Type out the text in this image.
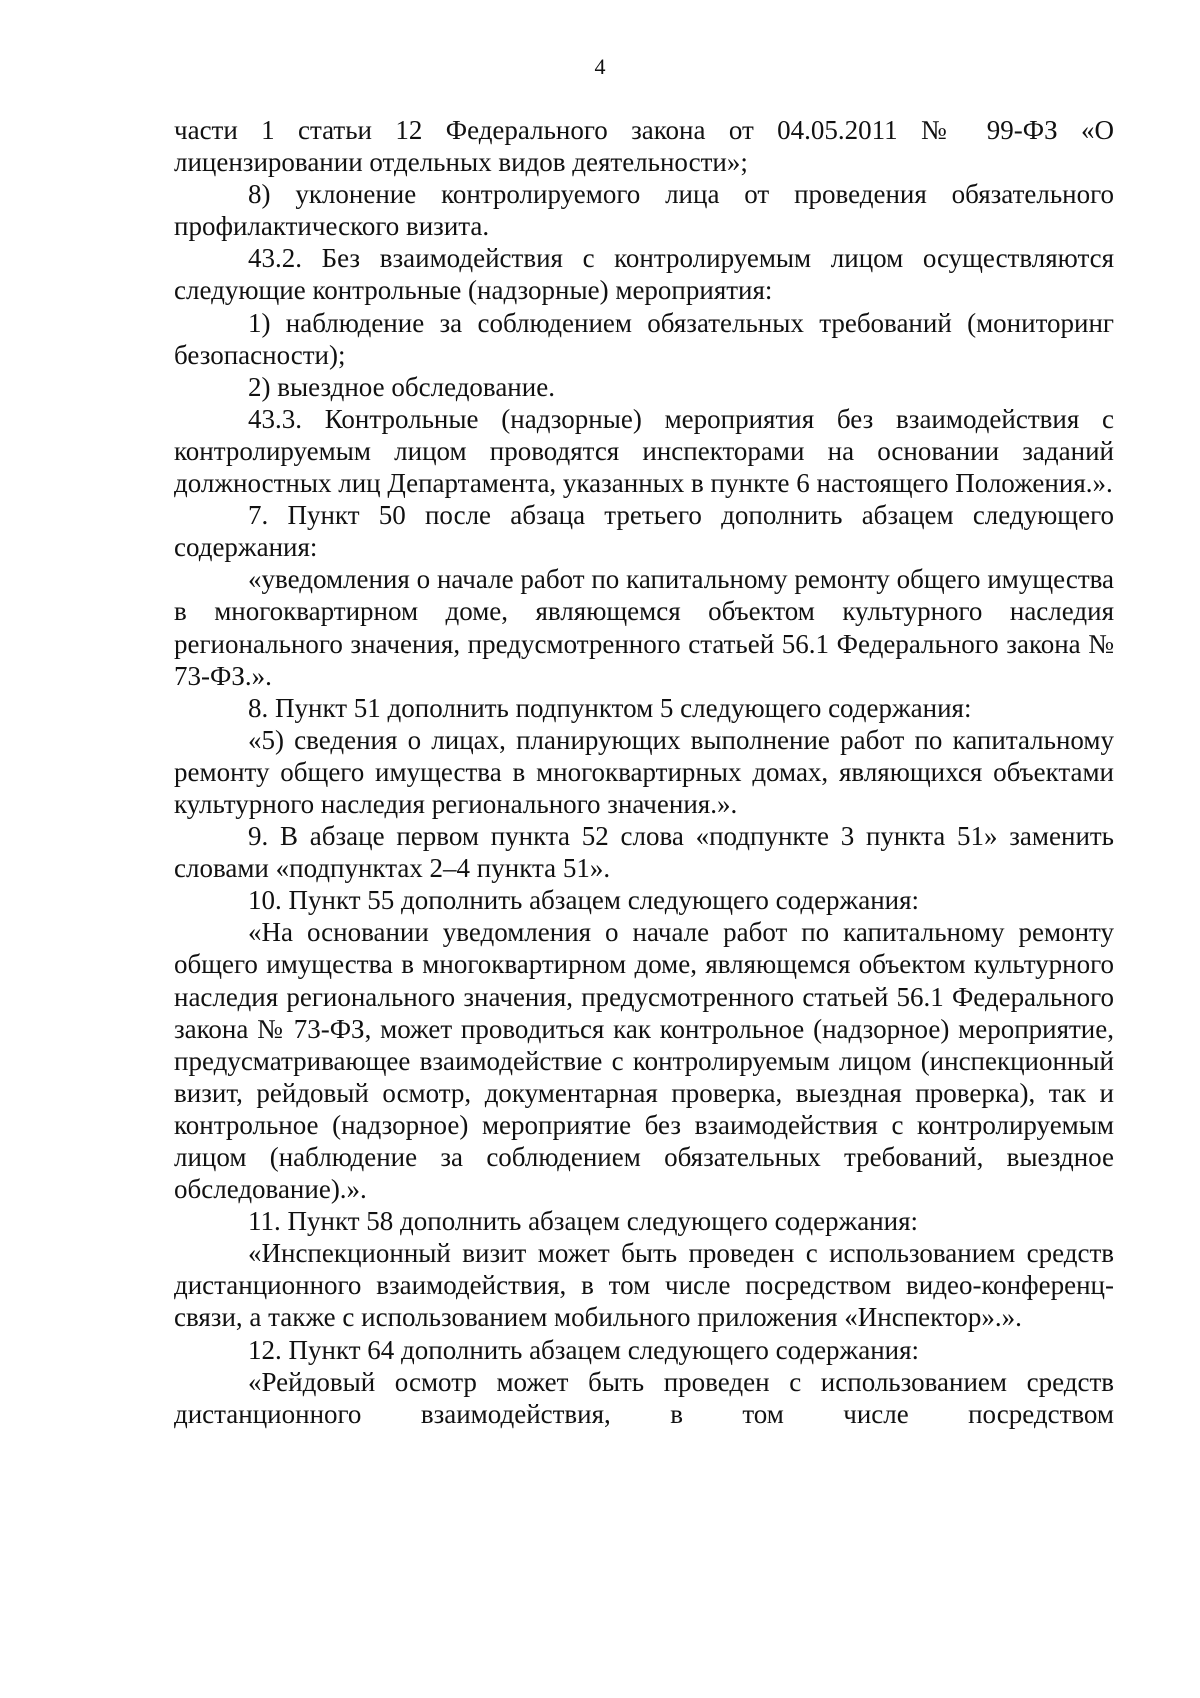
4

части 1 статьи 12 Федерального закона от 04.05.2011 № 99-ФЗ «О лицензировании отдельных видов деятельности»;

8) уклонение контролируемого лица от проведения обязательного профилактического визита.

43.2. Без взаимодействия с контролируемым лицом осуществляются следующие контрольные (надзорные) мероприятия:

1) наблюдение за соблюдением обязательных требований (мониторинг безопасности);

2) выездное обследование.

43.3. Контрольные (надзорные) мероприятия без взаимодействия с контролируемым лицом проводятся инспекторами на основании заданий должностных лиц Департамента, указанных в пункте 6 настоящего Положения.».

7. Пункт 50 после абзаца третьего дополнить абзацем следующего содержания:

«уведомления о начале работ по капитальному ремонту общего имущества в многоквартирном доме, являющемся объектом культурного наследия регионального значения, предусмотренного статьей 56.1 Федерального закона № 73-ФЗ.».

8. Пункт 51 дополнить подпунктом 5 следующего содержания:

«5) сведения о лицах, планирующих выполнение работ по капитальному ремонту общего имущества в многоквартирных домах, являющихся объектами культурного наследия регионального значения.».

9. В абзаце первом пункта 52 слова «подпункте 3 пункта 51» заменить словами «подпунктах 2–4 пункта 51».

10. Пункт 55 дополнить абзацем следующего содержания:

«На основании уведомления о начале работ по капитальному ремонту общего имущества в многоквартирном доме, являющемся объектом культурного наследия регионального значения, предусмотренного статьей 56.1 Федерального закона № 73-ФЗ, может проводиться как контрольное (надзорное) мероприятие, предусматривающее взаимодействие с контролируемым лицом (инспекционный визит, рейдовый осмотр, документарная проверка, выездная проверка), так и контрольное (надзорное) мероприятие без взаимодействия с контролируемым лицом (наблюдение за соблюдением обязательных требований, выездное обследование).».

11. Пункт 58 дополнить абзацем следующего содержания:

«Инспекционный визит может быть проведен с использованием средств дистанционного взаимодействия, в том числе посредством видео-конференц-связи, а также с использованием мобильного приложения «Инспектор».».

12. Пункт 64 дополнить абзацем следующего содержания:

«Рейдовый осмотр может быть проведен с использованием средств дистанционного взаимодействия, в том числе посредством
